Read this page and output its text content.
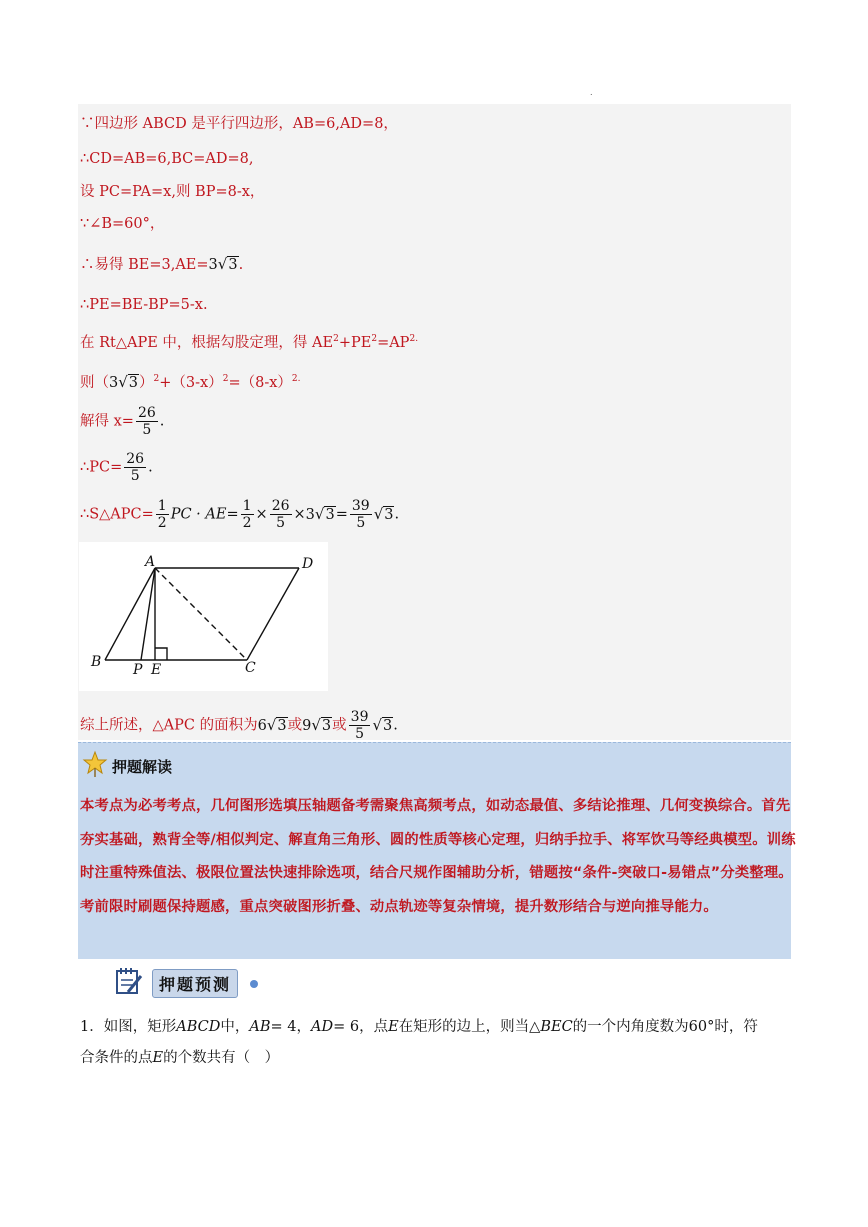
.
∵四边形 ABCD 是平行四边形，AB=6,AD=8，
∴CD=AB=6,BC=AD=8,
设 PC=PA=x,则 BP=8-x，
∵∠B=60°，
∴易得 BE=3,AE=3√3.
∴PE=BE-BP=5-x.
在 Rt△APE 中，根据勾股定理，得 $AE^2+PE^2=AP^{2.}$
则$(3√3)^2+(3-x)^2=(8-x)^{2.}$
解得 $x= \frac{26}{5}$ .
∴PC= $\frac{26}{5}$ .
∴S△APC= $\frac{1}{2}$ PC · $AE= \frac{1}{2} \times \frac{26}{5} \times 3√3= \frac{39}{5} √3$.
A	D
B P E	C
综上所述，△APC 的面积为6√3或9√3或 $\frac{39}{5} √3$.
押题解读
本考点为必考考点，几何图形选填压轴题备考需聚焦高频考点，如动态最值、多结论推理、几何变换综合。首先夯实基础，熟背全等/相似判定、解直角三角形、圆的性质等核心定理，归纳手拉手、将军饮马等经典模型。训练时注重特殊值法、极限位置法快速排除选项，结合尺规作图辅助分析，错题按“条件-突破口-易错点”分类整理。考前限时刷题保持题感，重点突破图形折叠、动点轨迹等复杂情境，提升数形结合与逆向推导能力。
押题预测
1．如图，矩形ABCD中，AB= 4，AD= 6，点E在矩形的边上，则当△BEC的一个内角度数为60°时，符
合条件的点E的个数共有（　）
